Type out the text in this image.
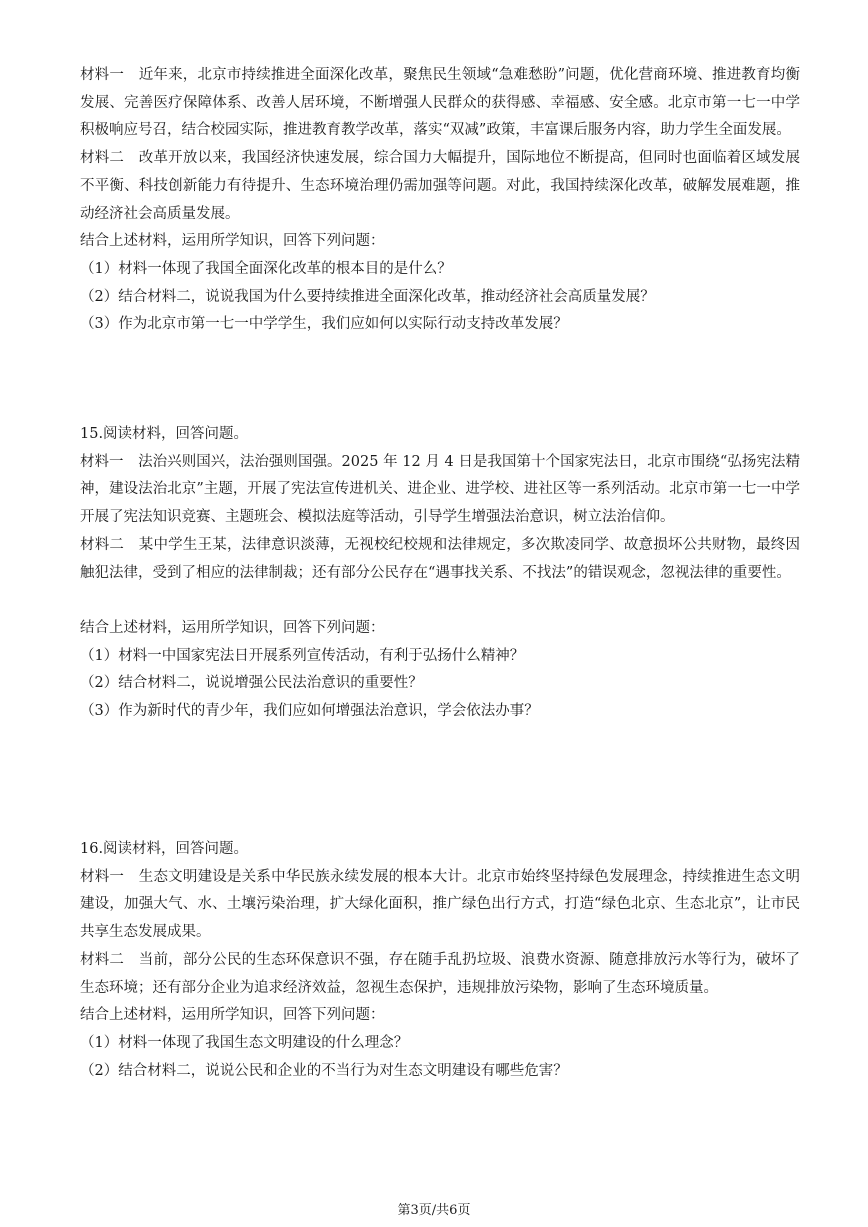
材料一　近年来，北京市持续推进全面深化改革，聚焦民生领域“急难愁盼”问题，优化营商环境、推进教育均衡发展、完善医疗保障体系、改善人居环境，不断增强人民群众的获得感、幸福感、安全感。北京市第一七一中学积极响应号召，结合校园实际，推进教育教学改革，落实“双减”政策，丰富课后服务内容，助力学生全面发展。

材料二　改革开放以来，我国经济快速发展，综合国力大幅提升，国际地位不断提高，但同时也面临着区域发展不平衡、科技创新能力有待提升、生态环境治理仍需加强等问题。对此，我国持续深化改革，破解发展难题，推动经济社会高质量发展。

结合上述材料，运用所学知识，回答下列问题：

（1）材料一体现了我国全面深化改革的根本目的是什么？

（2）结合材料二，说说我国为什么要持续推进全面深化改革，推动经济社会高质量发展？

（3）作为北京市第一七一中学学生，我们应如何以实际行动支持改革发展？

15.阅读材料，回答问题。

材料一　法治兴则国兴，法治强则国强。2025 年 12 月 4 日是我国第十个国家宪法日，北京市围绕“弘扬宪法精神，建设法治北京”主题，开展了宪法宣传进机关、进企业、进学校、进社区等一系列活动。北京市第一七一中学开展了宪法知识竞赛、主题班会、模拟法庭等活动，引导学生增强法治意识，树立法治信仰。

材料二　某中学生王某，法律意识淡薄，无视校纪校规和法律规定，多次欺凌同学、故意损坏公共财物，最终因触犯法律，受到了相应的法律制裁；还有部分公民存在“遇事找关系、不找法”的错误观念，忽视法律的重要性。

结合上述材料，运用所学知识，回答下列问题：

（1）材料一中国家宪法日开展系列宣传活动，有利于弘扬什么精神？

（2）结合材料二，说说增强公民法治意识的重要性？

（3）作为新时代的青少年，我们应如何增强法治意识，学会依法办事？

16.阅读材料，回答问题。

材料一　生态文明建设是关系中华民族永续发展的根本大计。北京市始终坚持绿色发展理念，持续推进生态文明建设，加强大气、水、土壤污染治理，扩大绿化面积，推广绿色出行方式，打造“绿色北京、生态北京”，让市民共享生态发展成果。

材料二　当前，部分公民的生态环保意识不强，存在随手乱扔垃圾、浪费水资源、随意排放污水等行为，破坏了生态环境；还有部分企业为追求经济效益，忽视生态保护，违规排放污染物，影响了生态环境质量。

结合上述材料，运用所学知识，回答下列问题：

（1）材料一体现了我国生态文明建设的什么理念？

（2）结合材料二，说说公民和企业的不当行为对生态文明建设有哪些危害？

第3页/共6页
